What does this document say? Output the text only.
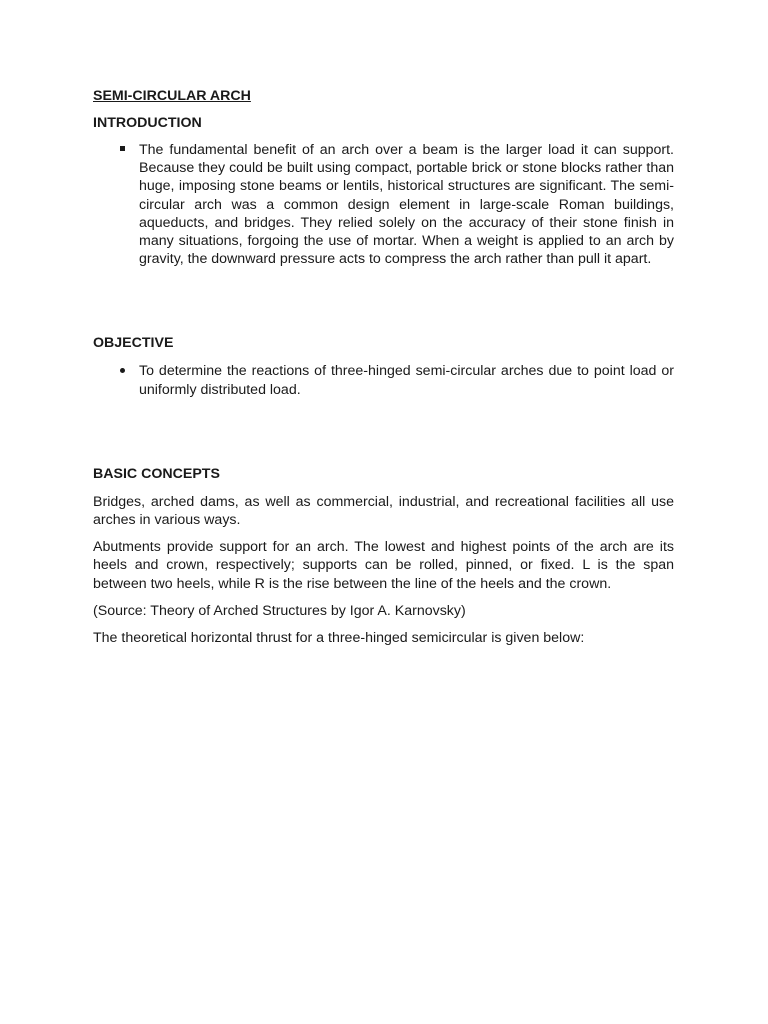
SEMI-CIRCULAR ARCH

INTRODUCTION

The fundamental benefit of an arch over a beam is the larger load it can support. Because they could be built using compact, portable brick or stone blocks rather than huge, imposing stone beams or lentils, historical structures are significant. The semi-circular arch was a common design element in large-scale Roman buildings, aqueducts, and bridges. They relied solely on the accuracy of their stone finish in many situations, forgoing the use of mortar. When a weight is applied to an arch by gravity, the downward pressure acts to compress the arch rather than pull it apart.

OBJECTIVE

To determine the reactions of three-hinged semi-circular arches due to point load or uniformly distributed load.

BASIC CONCEPTS

Bridges, arched dams, as well as commercial, industrial, and recreational facilities all use arches in various ways.

Abutments provide support for an arch. The lowest and highest points of the arch are its heels and crown, respectively; supports can be rolled, pinned, or fixed. L is the span between two heels, while R is the rise between the line of the heels and the crown.

(Source: Theory of Arched Structures by Igor A. Karnovsky)

The theoretical horizontal thrust for a three-hinged semicircular is given below:
